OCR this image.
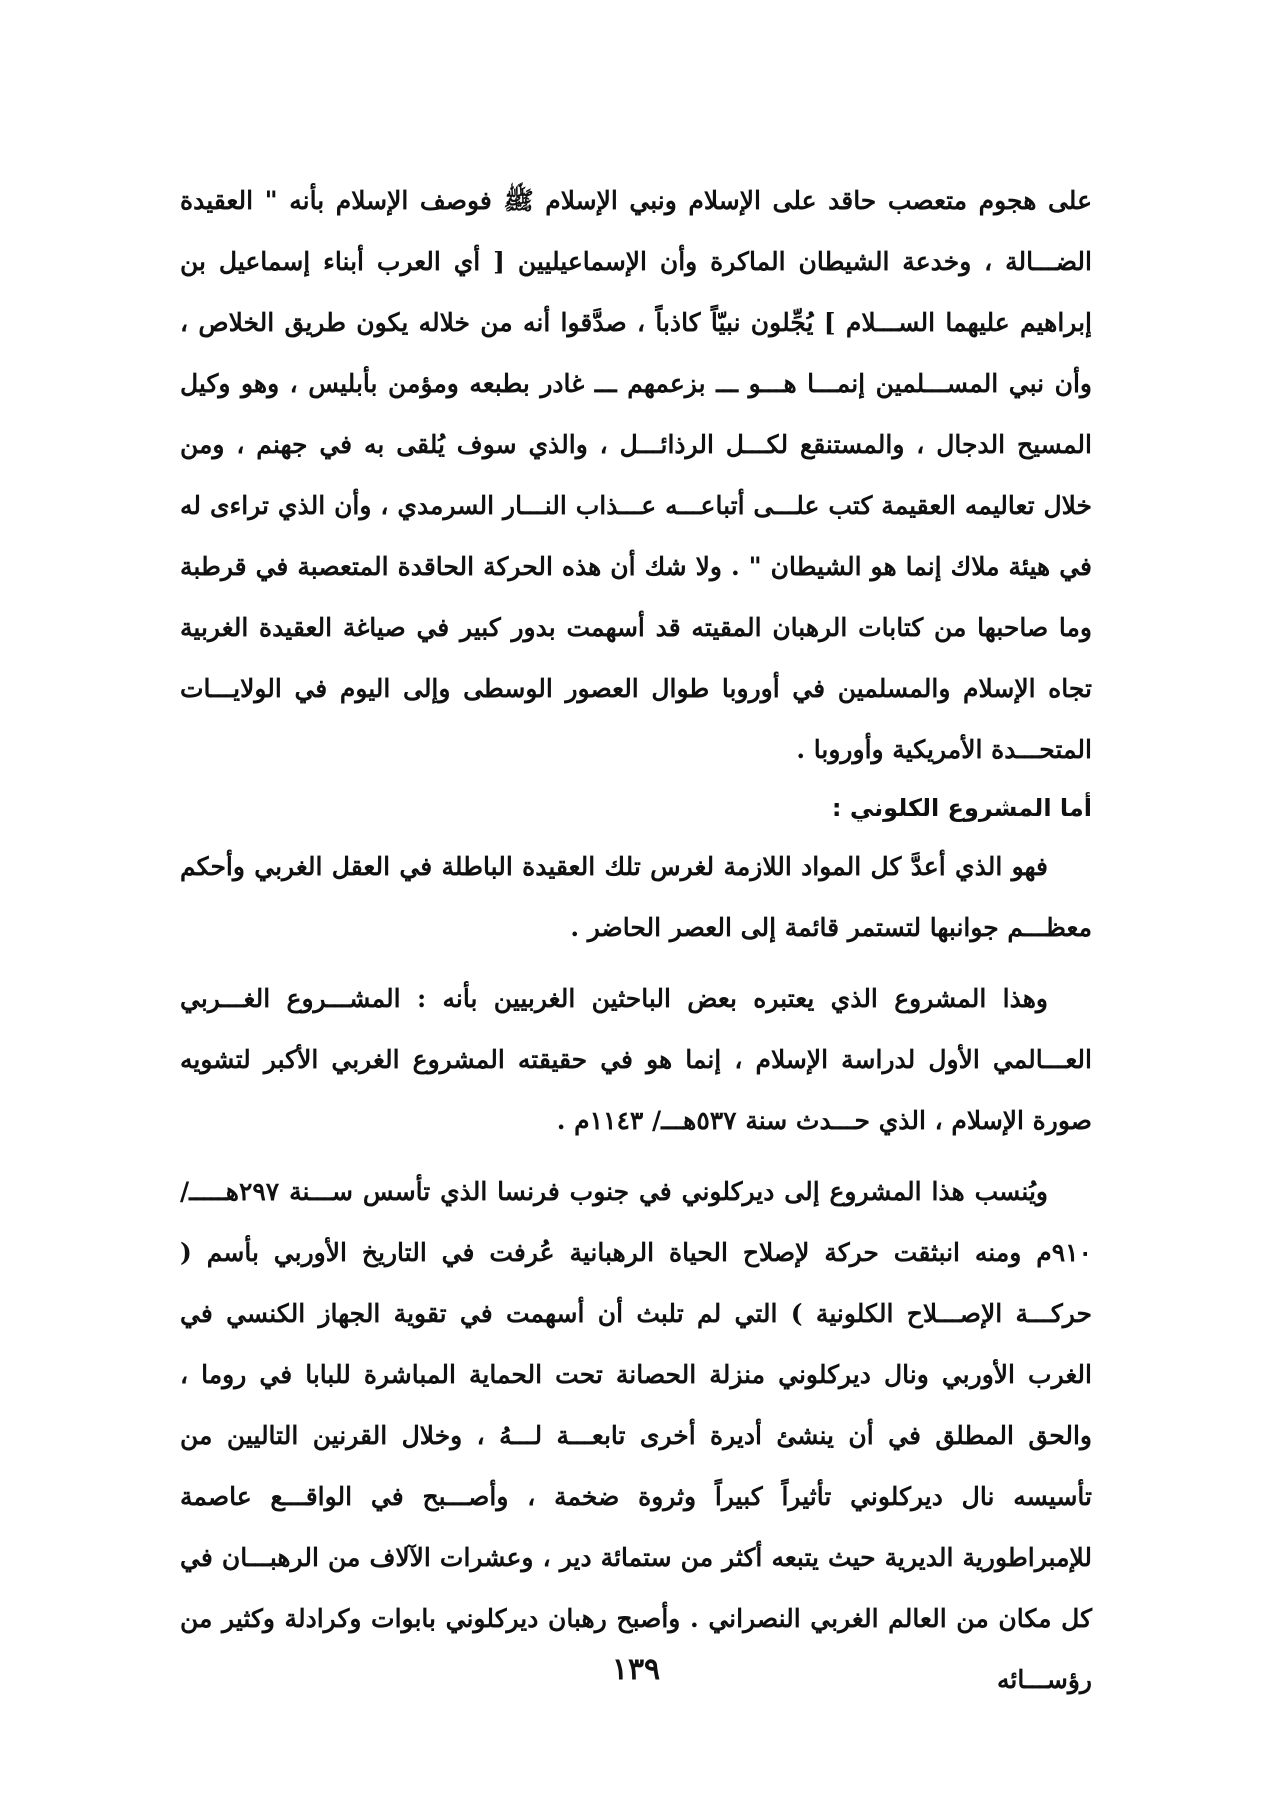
على هجوم متعصب حاقد على الإسلام ونبي الإسلام ﷺ فوصف الإسلام بأنه " العقيدة الضـــالة ، وخدعة الشيطان الماكرة وأن الإسماعيليين [ أي العرب أبناء إسماعيل بن إبراهيم عليهما الســـلام ] يُجِّلون نبيّاً كاذباً ، صدَّقوا أنه من خلاله يكون طريق الخلاص ، وأن نبي المســـلمين إنمـــا هـــو ـــ بزعمهم ـــ غادر بطبعه ومؤمن بأبليس ، وهو وكيل المسيح الدجال ، والمستنقع لكـــل الرذائـــل ، والذي سوف يُلقى به في جهنم ، ومن خلال تعاليمه العقيمة كتب علـــى أتباعـــه عـــذاب النـــار السرمدي ، وأن الذي تراءى له في هيئة ملاك إنما هو الشيطان " . ولا شك أن هذه الحركة الحاقدة المتعصبة في قرطبة وما صاحبها من كتابات الرهبان المقيته قد أسهمت بدور كبير في صياغة العقيدة الغربية تجاه الإسلام والمسلمين في أوروبا طوال العصور الوسطى وإلى اليوم في الولايـــات المتحـــدة الأمريكية وأوروبا .

أما المشروع الكلوني :

فهو الذي أعدَّ كل المواد اللازمة لغرس تلك العقيدة الباطلة في العقل الغربي وأحكم معظـــم جوانبها لتستمر قائمة إلى العصر الحاضر .

وهذا المشروع الذي يعتبره بعض الباحثين الغربيين بأنه : المشـــروع الغـــربي العـــالمي الأول لدراسة الإسلام ، إنما هو في حقيقته المشروع الغربي الأكبر لتشويه صورة الإسلام ، الذي حـــدث سنة ٥٣٧هـــ/ ١١٤٣م .

ويُنسب هذا المشروع إلى ديركلوني في جنوب فرنسا الذي تأسس ســـنة ٢٩٧هـــــ/٩١٠م ومنه انبثقت حركة لإصلاح الحياة الرهبانية عُرفت في التاريخ الأوربي بأسم ( حركـــة الإصـــلاح الكلونية ) التي لم تلبث أن أسهمت في تقوية الجهاز الكنسي في الغرب الأوربي ونال ديركلوني منزلة الحصانة تحت الحماية المباشرة للبابا في روما ، والحق المطلق في أن ينشئ أديرة أخرى تابعـــة لـــهُ ، وخلال القرنين التاليين من تأسيسه نال ديركلوني تأثيراً كبيراً وثروة ضخمة ، وأصـــبح في الواقـــع عاصمة للإمبراطورية الديرية حيث يتبعه أكثر من ستمائة دير ، وعشرات الآلاف من الرهبـــان في كل مكان من العالم الغربي النصراني . وأصبح رهبان ديركلوني بابوات وكرادلة وكثير من رؤســـائه

١٣٩
